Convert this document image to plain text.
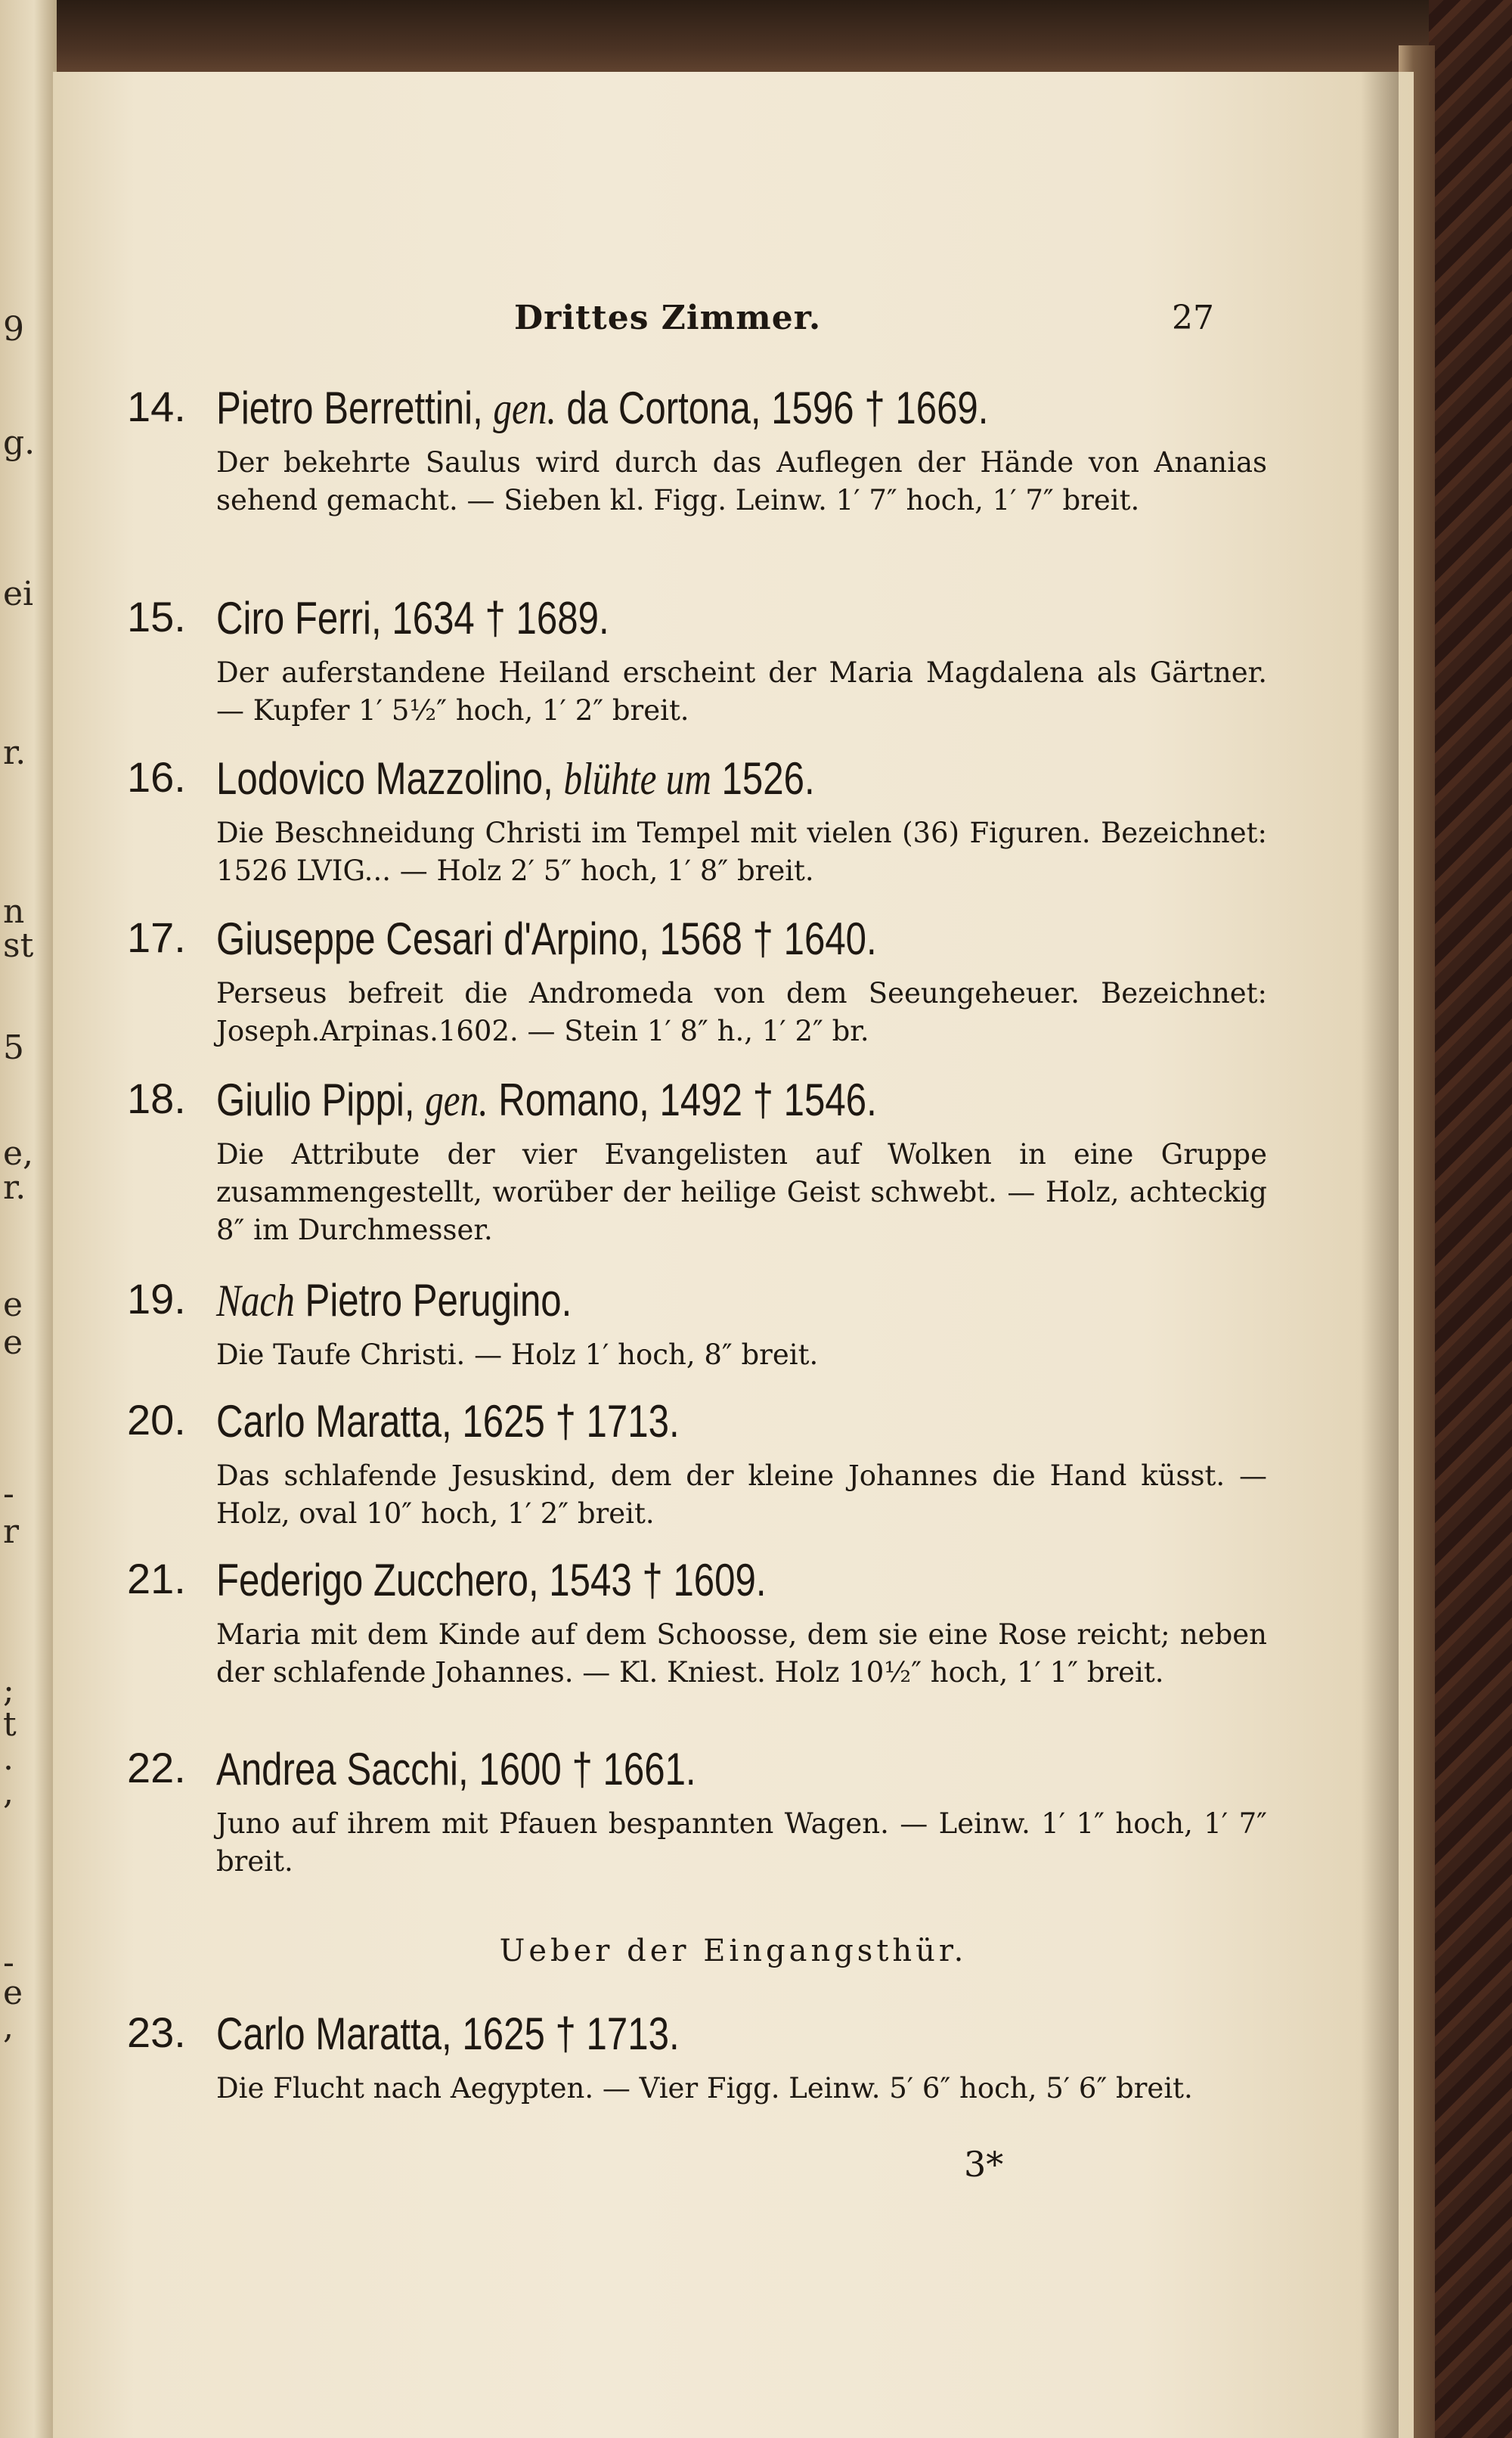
9
g.
ei
r.
n
st
5
e,
r.
e
e
-
r
;
t
.
,
-
e
,
Drittes Zimmer.	27
14. Pietro Berrettini, gen. da Cortona, 1596 † 1669.
Der bekehrte Saulus wird durch das Auflegen der Hände von Ananias sehend gemacht. — Sieben kl. Figg. Leinw. 1′ 7″ hoch, 1′ 7″ breit.
15. Ciro Ferri, 1634 † 1689.
Der auferstandene Heiland erscheint der Maria Magdalena als Gärtner. — Kupfer 1′ 5½″ hoch, 1′ 2″ breit.
16. Lodovico Mazzolino, blühte um 1526.
Die Beschneidung Christi im Tempel mit vielen (36) Figuren. Bezeichnet: 1526 LVIG... — Holz 2′ 5″ hoch, 1′ 8″ breit.
17. Giuseppe Cesari d'Arpino, 1568 † 1640.
Perseus befreit die Andromeda von dem Seeungeheuer. Bezeichnet: Joseph.Arpinas.1602. — Stein 1′ 8″ h., 1′ 2″ br.
18. Giulio Pippi, gen. Romano, 1492 † 1546.
Die Attribute der vier Evangelisten auf Wolken in eine Gruppe zusammengestellt, worüber der heilige Geist schwebt. — Holz, achteckig 8″ im Durchmesser.
19. Nach Pietro Perugino.
Die Taufe Christi. — Holz 1′ hoch, 8″ breit.
20. Carlo Maratta, 1625 † 1713.
Das schlafende Jesuskind, dem der kleine Johannes die Hand küsst. — Holz, oval 10″ hoch, 1′ 2″ breit.
21. Federigo Zucchero, 1543 † 1609.
Maria mit dem Kinde auf dem Schoosse, dem sie eine Rose reicht; neben der schlafende Johannes. — Kl. Kniest. Holz 10½″ hoch, 1′ 1″ breit.
22. Andrea Sacchi, 1600 † 1661.
Juno auf ihrem mit Pfauen bespannten Wagen. — Leinw. 1′ 1″ hoch, 1′ 7″ breit.
Ueber der Eingangsthür.
23. Carlo Maratta, 1625 † 1713.
Die Flucht nach Aegypten. — Vier Figg. Leinw. 5′ 6″ hoch, 5′ 6″ breit.
3*
